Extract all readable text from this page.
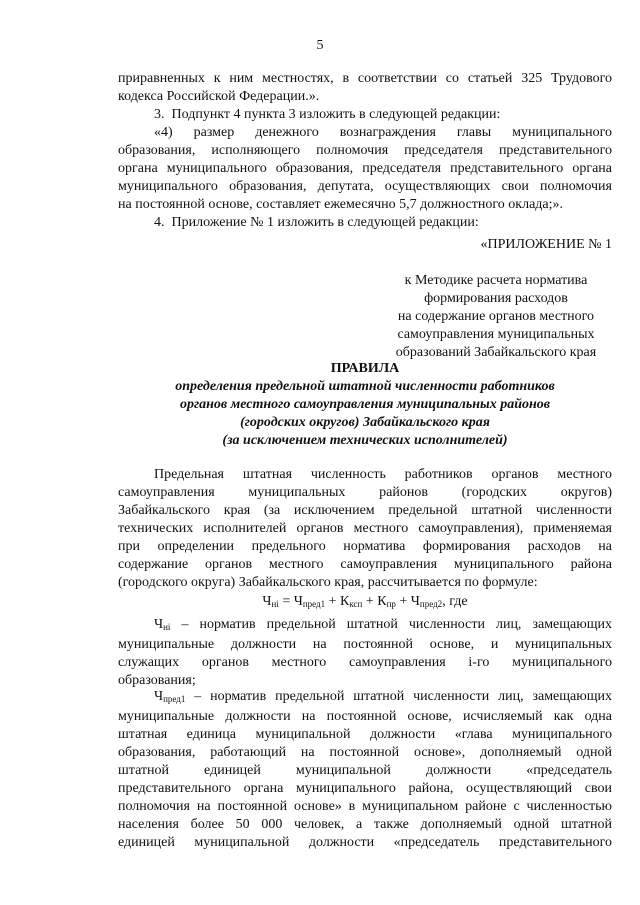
5
приравненных к ним местностях, в соответствии со статьей 325 Трудового
кодекса Российской Федерации.».
3.  Подпункт 4 пункта 3 изложить в следующей редакции:
«4)  размер  денежного  вознаграждения  главы  муниципального
образования, исполняющего полномочия председателя представительного
органа муниципального образования, председателя представительного органа
муниципального образования, депутата, осуществляющих свои полномочия
на постоянной основе, составляет ежемесячно 5,7 должностного оклада;».
4.  Приложение № 1 изложить в следующей редакции:
«ПРИЛОЖЕНИЕ № 1
к Методике расчета норматива
формирования расходов
на содержание органов местного
самоуправления муниципальных
образований Забайкальского края
ПРАВИЛА
определения предельной штатной численности работников
органов местного самоуправления муниципальных районов
(городских округов) Забайкальского края
(за исключением технических исполнителей)
Предельная  штатная  численность  работников  органов  местного
самоуправления     муниципальных     районов     (городских     округов)
Забайкальского края (за исключением предельной штатной численности
технических исполнителей органов местного самоуправления), применяемая
при  определении  предельного  норматива  формирования  расходов  на
содержание  органов  местного  самоуправления  муниципального  района
(городского округа) Забайкальского края, рассчитывается по формуле:
$Ч_{нi} = Ч_{пред1} + К_{ксп} + К_{пр} + Ч_{пред2}$, где
$Ч_{нi}$ – норматив предельной штатной численности лиц, замещающих
муниципальные  должности  на  постоянной  основе,  и  муниципальных
служащих    органов    местного    самоуправления    i-го    муниципального
образования;
$Ч_{пред1}$ – норматив предельной штатной численности лиц, замещающих
муниципальные должности на постоянной основе, исчисляемый как одна
штатная  единица  муниципальной  должности  «глава  муниципального
образования, работающий на постоянной основе», дополняемый одной
штатной     единицей     муниципальной     должности     «председатель
представительного органа муниципального района, осуществляющий свои
полномочия на постоянной основе» в муниципальном районе с численностью
населения более 50 000 человек, а также дополняемый одной штатной
единицей  муниципальной  должности  «председатель  представительного
